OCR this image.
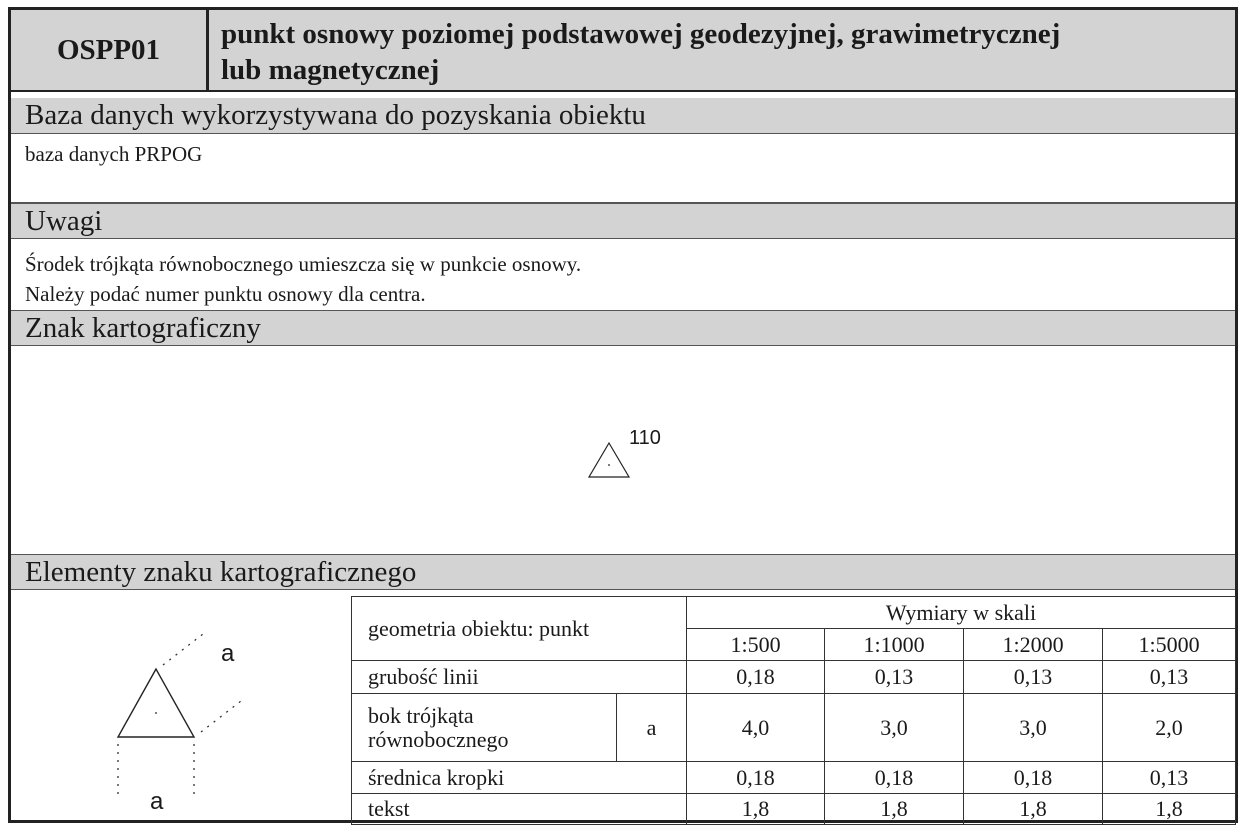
OSPP01	punkt osnowy poziomej podstawowej geodezyjnej, grawimetrycznej
lub magnetycznej
Baza danych wykorzystywana do pozyskania obiektu
baza danych PRPOG
Uwagi
Środek trójkąta równobocznego umieszcza się w punkcie osnowy.
Należy podać numer punktu osnowy dla centra.
Znak kartograficzny
110
Elementy znaku kartograficznego
a
a
geometria obiektu: punkt		Wymiary w skali			
		1:500	1:1000	1:2000	1:5000
grubość linii		0,18	0,13	0,13	0,13

bok trójkąta
równobocznego	a	4,0	3,0	3,0	2,0
średnica kropki		0,18	0,18	0,18	0,13
tekst		1,8	1,8	1,8	1,8
